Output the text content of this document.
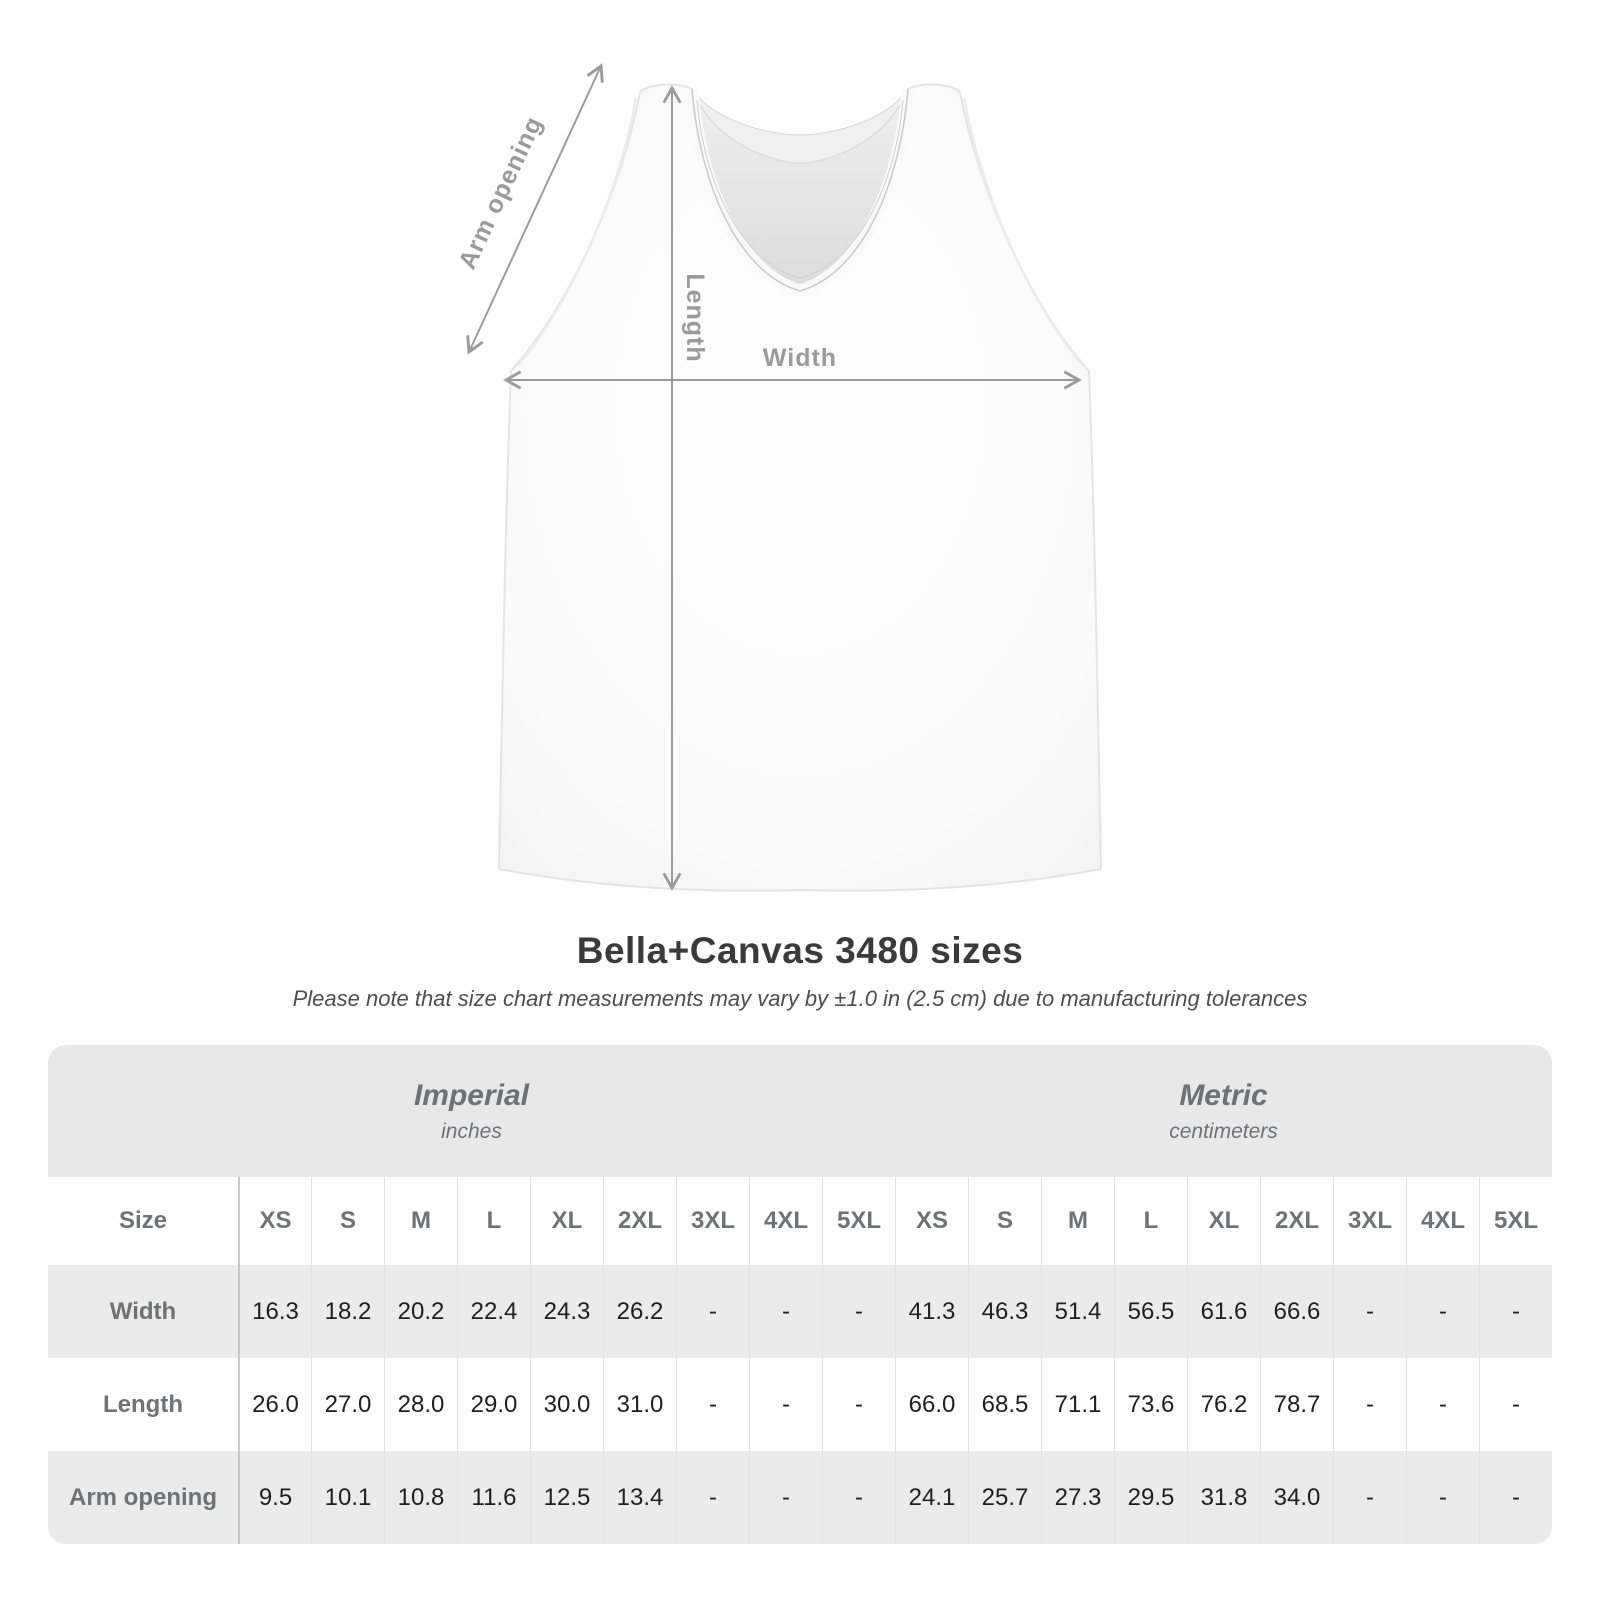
Arm opening
Length Width
Bella+Canvas 3480 sizes

Please note that size chart measurements may vary by ±1.0 in (2.5 cm) due to manufacturing tolerances

Imperial
inches
Metric
centimeters
Size	XS	S	M	L	XL	2XL	3XL	4XL	5XL	XS	S	M	L	XL	2XL	3XL	4XL	5XL
Width	16.3	18.2	20.2	22.4	24.3	26.2	-	-	-	41.3	46.3	51.4	56.5	61.6	66.6	-	-	-
Length	26.0	27.0	28.0	29.0	30.0	31.0	-	-	-	66.0	68.5	71.1	73.6	76.2	78.7	-	-	-
Arm opening	9.5	10.1	10.8	11.6	12.5	13.4	-	-	-	24.1	25.7	27.3	29.5	31.8	34.0	-	-	-
